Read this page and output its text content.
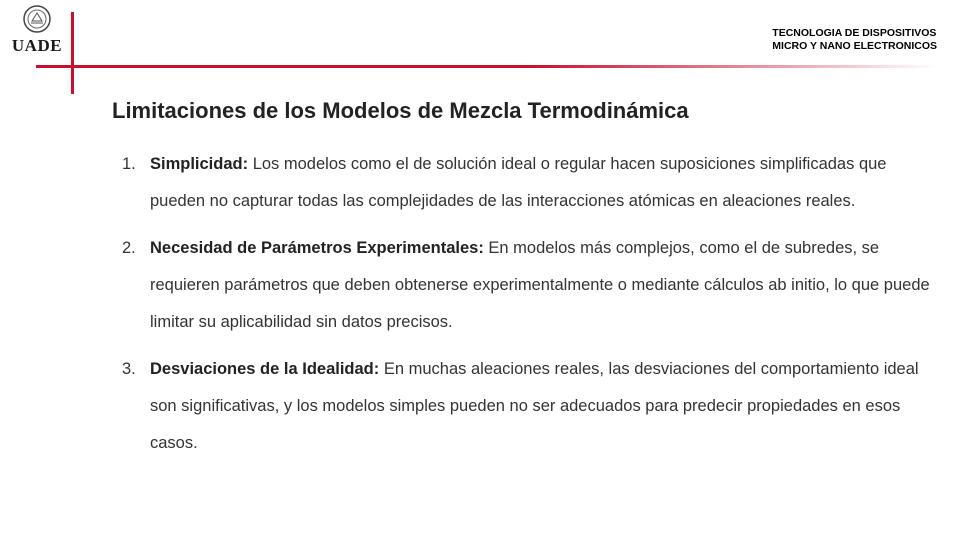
UADE
TECNOLOGIA DE DISPOSITIVOS
MICRO Y NANO ELECTRONICOS
Limitaciones de los Modelos de Mezcla Termodinámica
1. Simplicidad: Los modelos como el de solución ideal o regular hacen suposiciones simplificadas que pueden no capturar todas las complejidades de las interacciones atómicas en aleaciones reales.
2. Necesidad de Parámetros Experimentales: En modelos más complejos, como el de subredes, se requieren parámetros que deben obtenerse experimentalmente o mediante cálculos ab initio, lo que puede limitar su aplicabilidad sin datos precisos.
3. Desviaciones de la Idealidad: En muchas aleaciones reales, las desviaciones del comportamiento ideal son significativas, y los modelos simples pueden no ser adecuados para predecir propiedades en esos casos.
